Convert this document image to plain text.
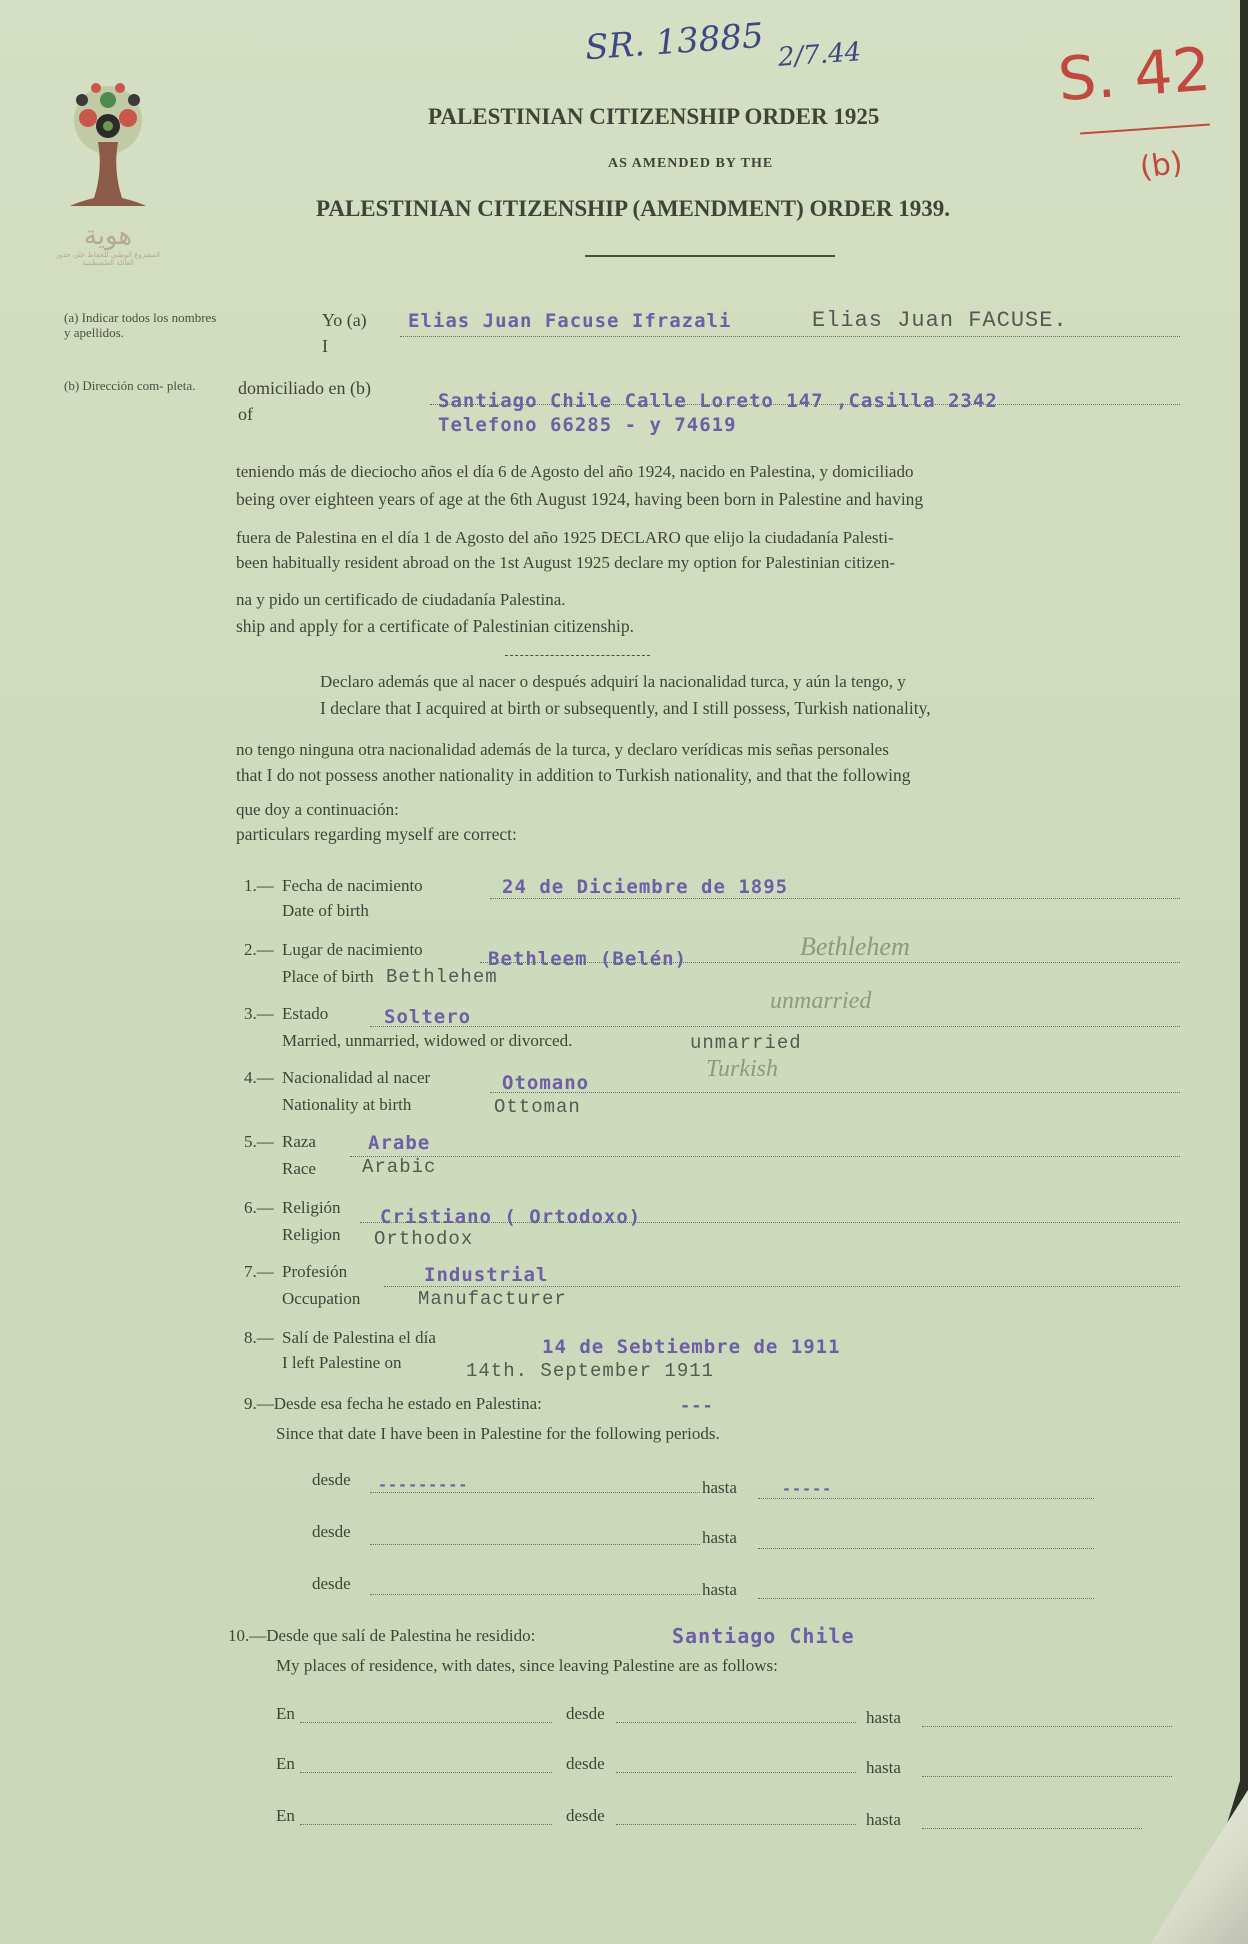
هوية
المشروع الوطني للحفاظ على جذور العائلة الفلسطينية
SR. 13885 2/7.44	S. 42
(b)
PALESTINIAN CITIZENSHIP ORDER 1925
AS AMENDED BY THE
PALESTINIAN CITIZENSHIP (AMENDMENT) ORDER 1939.
(a) Indicar todos los nombres y apellidos.
(b) Dirección com- pleta.
Yo (a)
I
Elias Juan Facuse Ifrazali	Elias Juan FACUSE.
domiciliado en (b)
of
Santiago Chile Calle Loreto 147 ,Casilla 2342
Telefono 66285 - y 74619
teniendo más de dieciocho años el día 6 de Agosto del año 1924, nacido en Palestina, y domiciliado
being over eighteen years of age at the 6th August 1924, having been born in Palestine and having
fuera de Palestina en el día 1 de Agosto del año 1925 DECLARO que elijo la ciudadanía Palesti-
been habitually resident abroad on the 1st August 1925 declare my option for Palestinian citizen-
na y pido un certificado de ciudadanía Palestina.
ship and apply for a certificate of Palestinian citizenship.
Declaro además que al nacer o después adquirí la nacionalidad turca, y aún la tengo, y
I declare that I acquired at birth or subsequently, and I still possess, Turkish nationality,
no tengo ninguna otra nacionalidad además de la turca, y declaro verídicas mis señas personales
that I do not possess another nationality in addition to Turkish nationality, and that the following
que doy a continuación:
particulars regarding myself are correct:
1.— Fecha de nacimiento
Date of birth
24 de Diciembre de 1895
2.— Lugar de nacimiento
Place of birth
Bethleem (Belén)
Bethlehem
Bethlehem
3.— Estado
Married, unmarried, widowed or divorced.
Soltero
unmarried
unmarried
4.— Nacionalidad al nacer
Nationality at birth
Otomano
Ottoman
Turkish
5.— Raza
Race
Arabe
Arabic
6.— Religión
Religion
Cristiano ( Ortodoxo)
Orthodox
7.— Profesión
Occupation
Industrial
Manufacturer
8.— Salí de Palestina el día
I left Palestine on
14 de Sebtiembre de 1911
14th. September 1911
9.—Desde esa fecha he estado en Palestina:	---
Since that date I have been in Palestine for the following periods.
desde ---------	hasta	-----
desde	hasta
desde	hasta
10.—Desde que salí de Palestina he residido:	Santiago Chile
My places of residence, with dates, since leaving Palestine are as follows:
En	desde	hasta
En	desde	hasta
En	desde	hasta
